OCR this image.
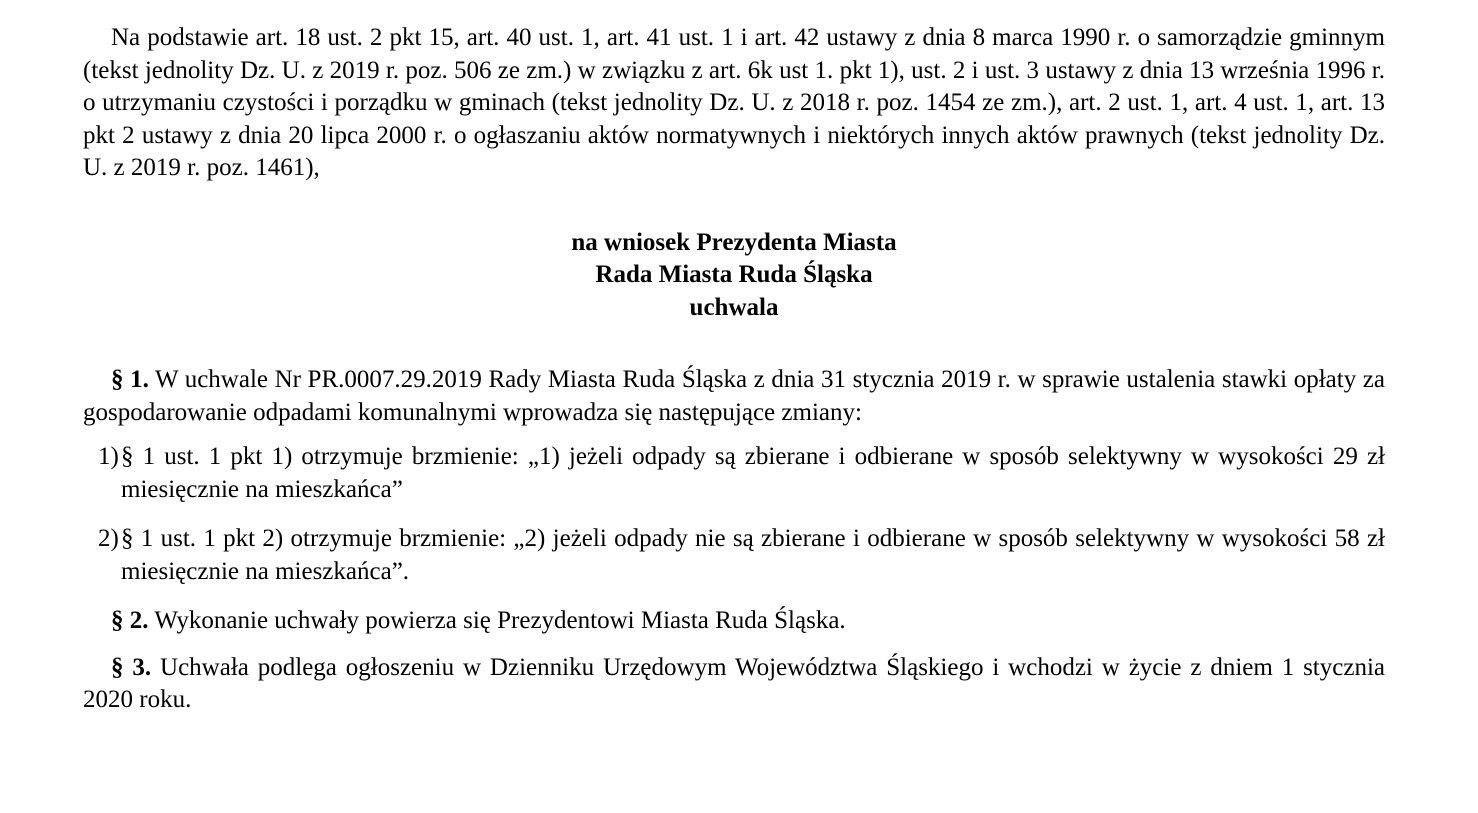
Na podstawie art. 18 ust. 2 pkt 15, art. 40 ust. 1, art. 41 ust. 1 i art. 42 ustawy z dnia 8 marca 1990 r. o samorządzie gminnym (tekst jednolity Dz. U. z 2019 r. poz. 506 ze zm.) w związku z art. 6k ust 1. pkt 1), ust. 2 i ust. 3 ustawy z dnia 13 września 1996 r. o utrzymaniu czystości i porządku w gminach (tekst jednolity Dz. U. z 2018 r. poz. 1454 ze zm.), art. 2 ust. 1, art. 4 ust. 1, art. 13 pkt 2 ustawy z dnia 20 lipca 2000 r. o ogłaszaniu aktów normatywnych i niektórych innych aktów prawnych (tekst jednolity Dz. U. z 2019 r. poz. 1461),

na wniosek Prezydenta Miasta
Rada Miasta Ruda Śląska
uchwala

§ 1. W uchwale Nr PR.0007.29.2019 Rady Miasta Ruda Śląska z dnia 31 stycznia 2019 r. w sprawie ustalenia stawki opłaty za gospodarowanie odpadami komunalnymi wprowadza się następujące zmiany:

1) § 1 ust. 1 pkt 1) otrzymuje brzmienie: „1) jeżeli odpady są zbierane i odbierane w sposób selektywny w wysokości 29 zł miesięcznie na mieszkańca”
2) § 1 ust. 1 pkt 2) otrzymuje brzmienie: „2) jeżeli odpady nie są zbierane i odbierane w sposób selektywny w wysokości 58 zł miesięcznie na mieszkańca”.

§ 2. Wykonanie uchwały powierza się Prezydentowi Miasta Ruda Śląska.

§ 3. Uchwała podlega ogłoszeniu w Dzienniku Urzędowym Województwa Śląskiego i wchodzi w życie z dniem 1 stycznia 2020 roku.
